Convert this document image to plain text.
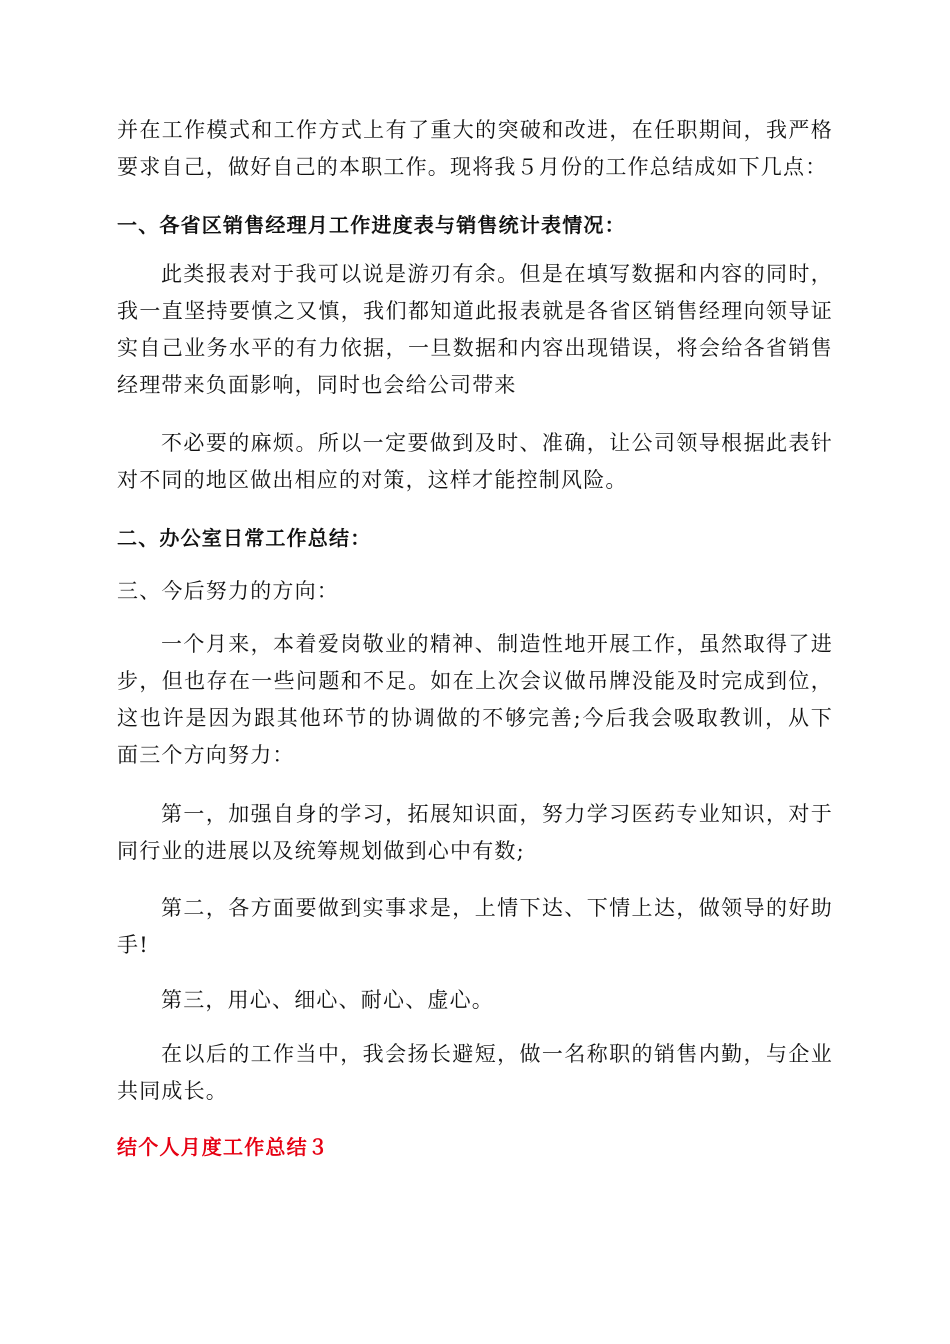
并在工作模式和工作方式上有了重大的突破和改进，在任职期间，我严格要求自己，做好自己的本职工作。现将我５月份的工作总结成如下几点：

一、各省区销售经理月工作进度表与销售统计表情况：

此类报表对于我可以说是游刃有余。但是在填写数据和内容的同时，我一直坚持要慎之又慎，我们都知道此报表就是各省区销售经理向领导证实自己业务水平的有力依据，一旦数据和内容出现错误，将会给各省销售经理带来负面影响，同时也会给公司带来

不必要的麻烦。所以一定要做到及时、准确，让公司领导根据此表针对不同的地区做出相应的对策，这样才能控制风险。

二、办公室日常工作总结：

三、今后努力的方向：

一个月来，本着爱岗敬业的精神、制造性地开展工作，虽然取得了进步，但也存在一些问题和不足。如在上次会议做吊牌没能及时完成到位，这也许是因为跟其他环节的协调做的不够完善;今后我会吸取教训，从下面三个方向努力：

第一，加强自身的学习，拓展知识面，努力学习医药专业知识，对于同行业的进展以及统筹规划做到心中有数;

第二，各方面要做到实事求是，上情下达、下情上达，做领导的好助手!

第三，用心、细心、耐心、虚心。

在以后的工作当中，我会扬长避短，做一名称职的销售内勤，与企业共同成长。

结个人月度工作总结３
